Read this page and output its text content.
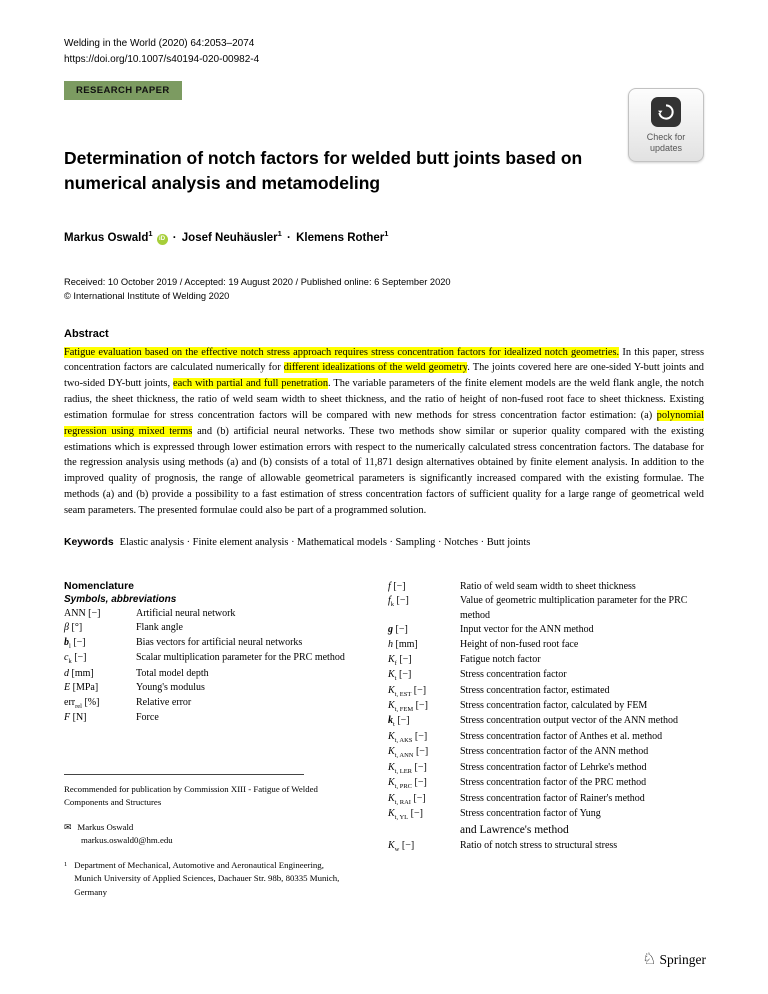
Welding in the World (2020) 64:2053–2074
https://doi.org/10.1007/s40194-020-00982-4
RESEARCH PAPER
Check for
updates
Determination of notch factors for welded butt joints based on numerical analysis and metamodeling
Markus Oswald$^1$iD · Josef Neuhäusler$^1$ · Klemens Rother$^1$
Received: 10 October 2019 / Accepted: 19 August 2020 / Published online: 6 September 2020
© International Institute of Welding 2020
Abstract

Fatigue evaluation based on the effective notch stress approach requires stress concentration factors for idealized notch geometries. In this paper, stress concentration factors are calculated numerically for different idealizations of the weld geometry. The joints covered here are one-sided Y-butt joints and two-sided DY-butt joints, each with partial and full penetration. The variable parameters of the finite element models are the weld flank angle, the notch radius, the sheet thickness, the ratio of weld seam width to sheet thickness, and the ratio of height of non-fused root face to sheet thickness. Existing estimation formulae for stress concentration factors will be compared with new methods for stress concentration factor estimation: (a) polynomial regression using mixed terms and (b) artificial neural networks. These two methods show similar or superior quality compared with the existing estimations which is expressed through lower estimation errors with respect to the numerically calculated stress concentration factors. The database for the regression analysis using methods (a) and (b) consists of a total of 11,871 design alternatives obtained by finite element analysis. In addition to the improved quality of prognosis, the range of allowable geometrical parameters is significantly increased compared with the existing formulae. The methods (a) and (b) provide a possibility to a fast estimation of stress concentration factors of sufficient quality for a large range of geometrical weld seam parameters. The presented formulae could also be part of a programmed solution.

Keywords Elastic analysis · Finite element analysis · Mathematical models · Sampling · Notches · Butt joints
Nomenclature
Symbols, abbreviations
ANN [−]	Artificial neural network
β [°]	Flank angle
$b_l$ [−]	Bias vectors for artificial neural networks
$c_k$ [−]	Scalar multiplication parameter for the PRC method
d [mm]	Total model depth
E [MPa]	Young's modulus
err$_{rel}$ [%]	Relative error
F [N]	Force
Recommended for publication by Commission XIII - Fatigue of Welded Components and Structures
✉ Markus Oswald
markus.oswald0@hm.edu
1 Department of Mechanical, Automotive and Aeronautical Engineering, Munich University of Applied Sciences, Dachauer Str. 98b, 80335 Munich, Germany
f [−]	Ratio of weld seam width to sheet thickness
$f_k$ [−]	Value of geometric multiplication parameter for the PRC method
g [−]	Input vector for the ANN method
h [mm]	Height of non-fused root face
$K_f$ [−]	Fatigue notch factor
$K_t$ [−]	Stress concentration factor
$K_{t, EST}$ [−]	Stress concentration factor, estimated
$K_{t, FEM}$ [−]	Stress concentration factor, calculated by FEM
$k_t$ [−]	Stress concentration output vector of the ANN method
$K_{t, AKS}$ [−]	Stress concentration factor of Anthes et al. method
$K_{t, ANN}$ [−]	Stress concentration factor of the ANN method
$K_{t, LER}$ [−]	Stress concentration factor of Lehrke's method
$K_{t, PRC}$ [−]	Stress concentration factor of the PRC method
$K_{t, RAI}$ [−]	Stress concentration factor of Rainer's method
$K_{t, YL}$ [−]	Stress concentration factor of Yung
and Lawrence's method
$K_w$ [−]	Ratio of notch stress to structural stress
♘ Springer
